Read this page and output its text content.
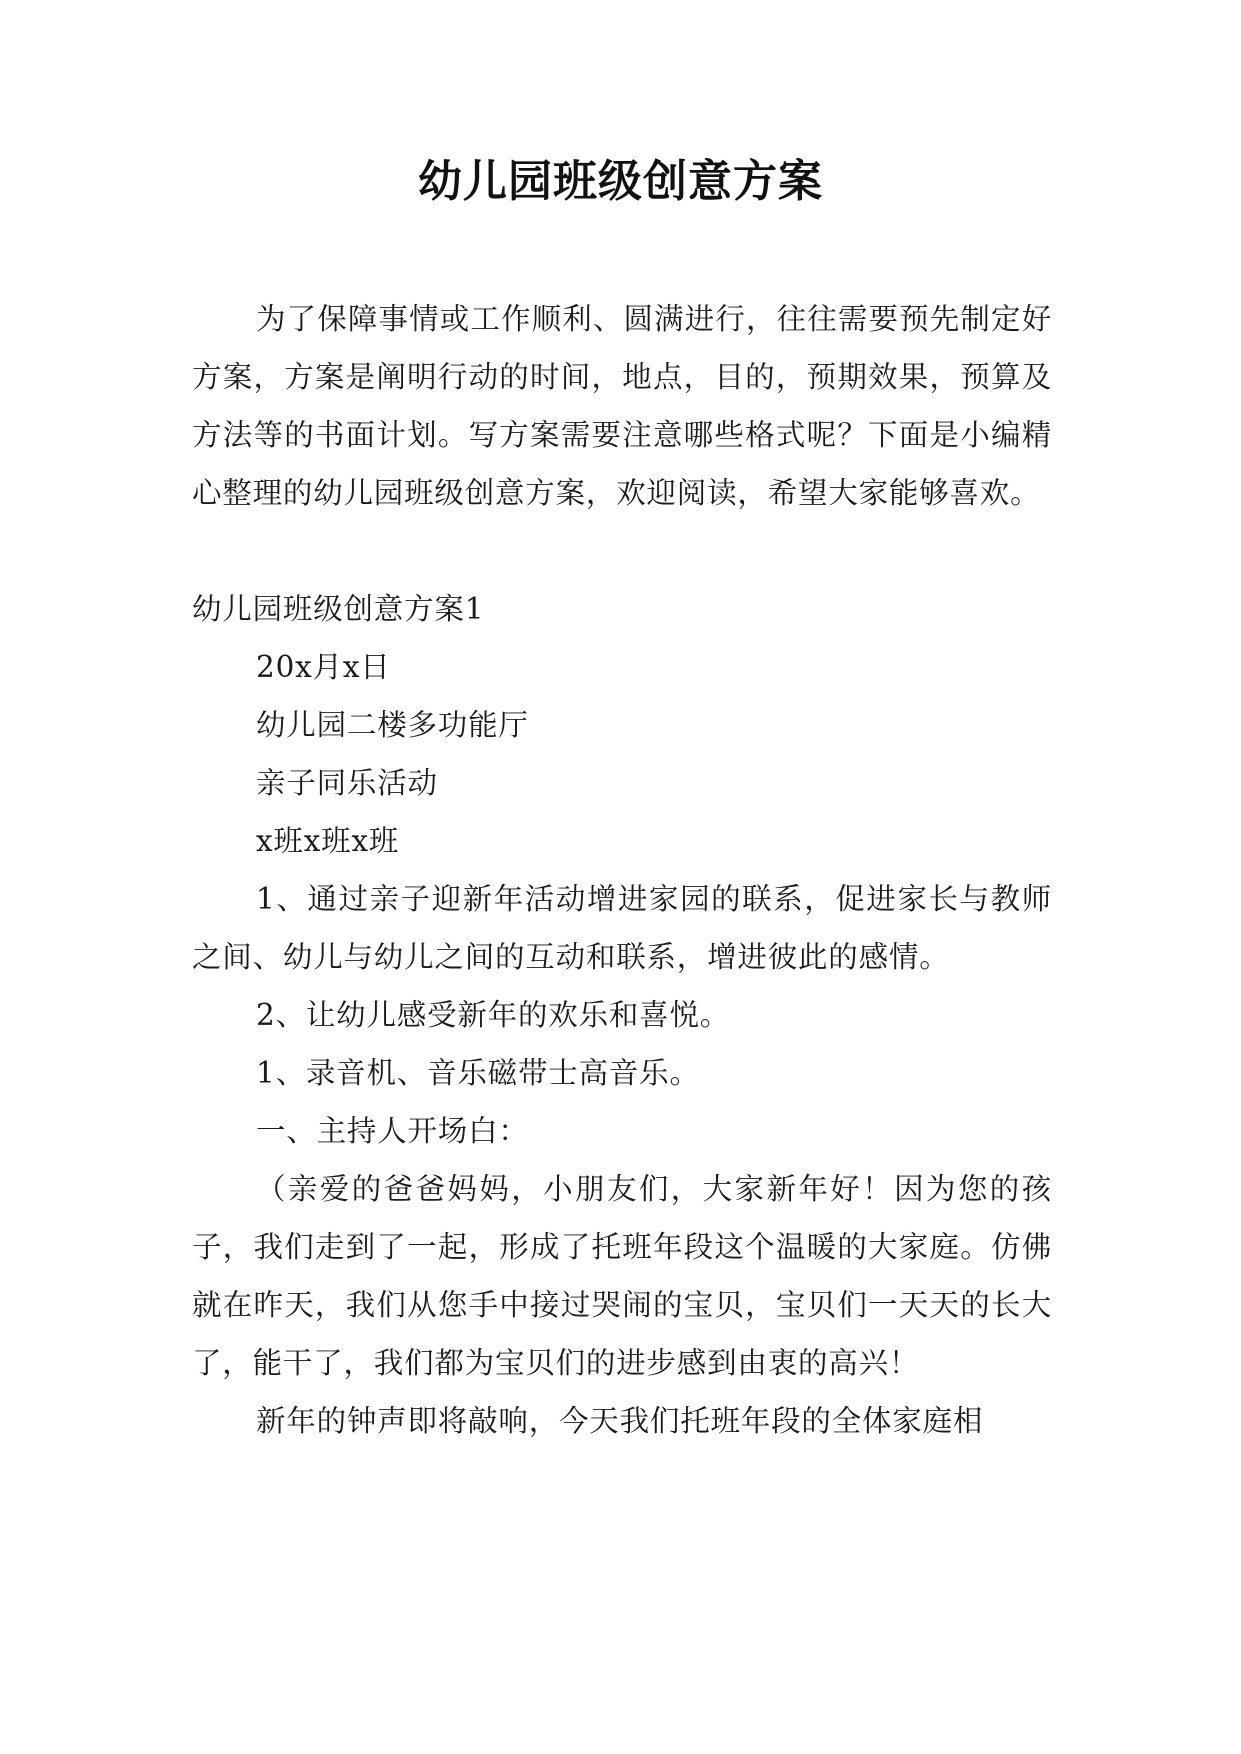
幼儿园班级创意方案

为了保障事情或工作顺利、圆满进行，往往需要预先制定好方案，方案是阐明行动的时间，地点，目的，预期效果，预算及方法等的书面计划。写方案需要注意哪些格式呢？下面是小编精心整理的幼儿园班级创意方案，欢迎阅读，希望大家能够喜欢。

幼儿园班级创意方案1

20x月x日

幼儿园二楼多功能厅

亲子同乐活动

x班x班x班

1、通过亲子迎新年活动增进家园的联系，促进家长与教师之间、幼儿与幼儿之间的互动和联系，增进彼此的感情。

2、让幼儿感受新年的欢乐和喜悦。

1、录音机、音乐磁带士高音乐。

一、主持人开场白：

（亲爱的爸爸妈妈，小朋友们，大家新年好！因为您的孩子，我们走到了一起，形成了托班年段这个温暖的大家庭。仿佛就在昨天，我们从您手中接过哭闹的宝贝，宝贝们一天天的长大了，能干了，我们都为宝贝们的进步感到由衷的高兴！

新年的钟声即将敲响，今天我们托班年段的全体家庭相
